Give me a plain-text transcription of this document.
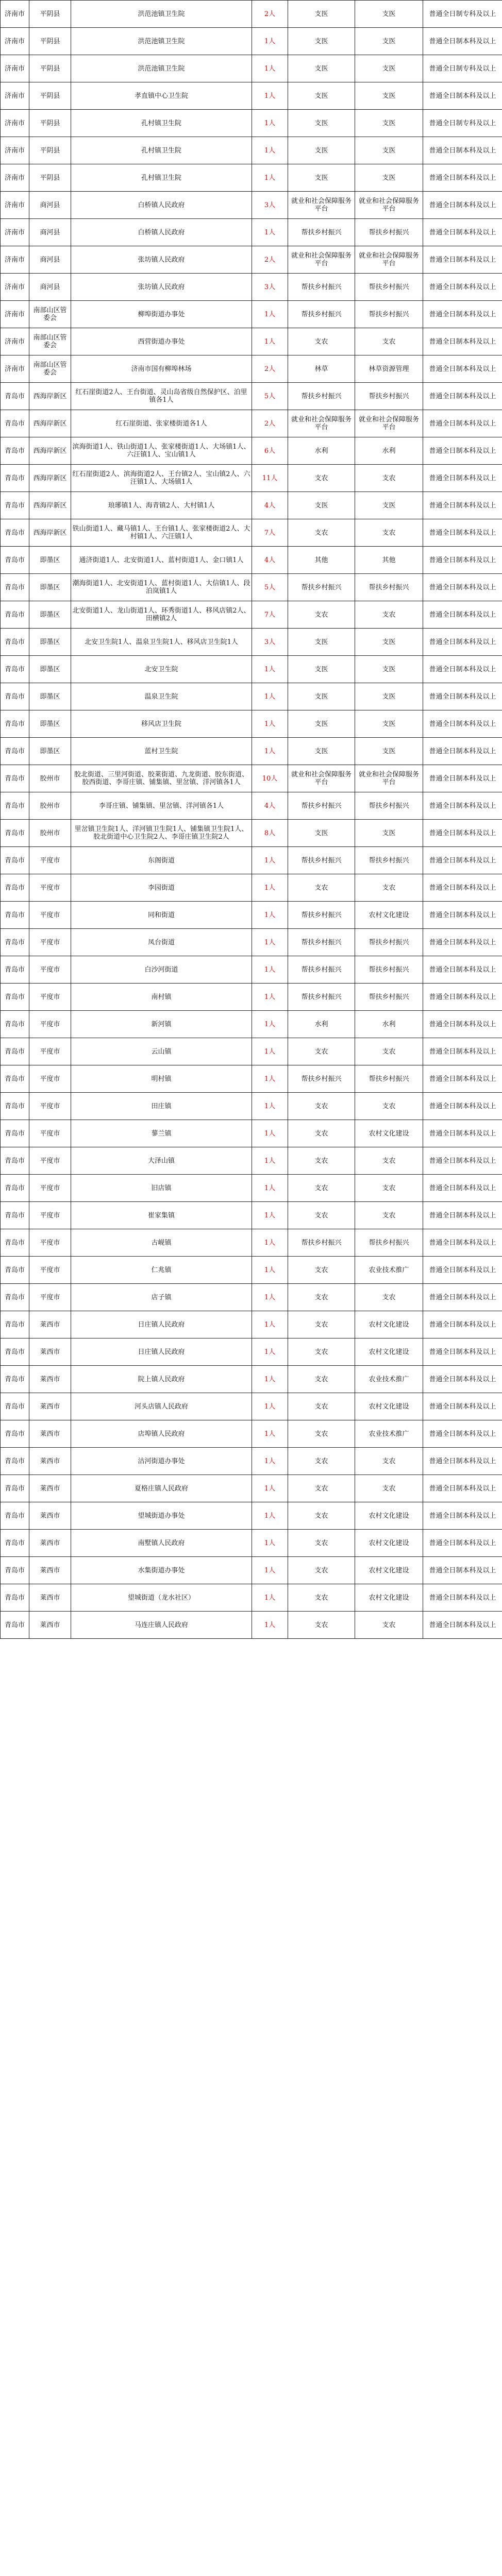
济南市	平阴县	洪范池镇卫生院	2人	支医	支医	普通全日制专科及以上
济南市	平阴县	洪范池镇卫生院	1人	支医	支医	普通全日制本科及以上
济南市	平阴县	洪范池镇卫生院	1人	支医	支医	普通全日制专科及以上
济南市	平阴县	孝直镇中心卫生院	1人	支医	支医	普通全日制本科及以上
济南市	平阴县	孔村镇卫生院	1人	支医	支医	普通全日制专科及以上
济南市	平阴县	孔村镇卫生院	1人	支医	支医	普通全日制本科及以上
济南市	平阴县	孔村镇卫生院	1人	支医	支医	普通全日制本科及以上
济南市	商河县	白桥镇人民政府	3人	就业和社会保障服务平台	就业和社会保障服务平台	普通全日制本科及以上
济南市	商河县	白桥镇人民政府	1人	帮扶乡村振兴	帮扶乡村振兴	普通全日制本科及以上
济南市	商河县	张坊镇人民政府	2人	就业和社会保障服务平台	就业和社会保障服务平台	普通全日制本科及以上
济南市	商河县	张坊镇人民政府	3人	帮扶乡村振兴	帮扶乡村振兴	普通全日制本科及以上
济南市	南部山区管委会	柳埠街道办事处	1人	帮扶乡村振兴	帮扶乡村振兴	普通全日制本科及以上
济南市	南部山区管委会	西营街道办事处	1人	支农	支农	普通全日制本科及以上
济南市	南部山区管委会	济南市国有柳埠林场	2人	林草	林草资源管理	普通全日制本科及以上
青岛市	西海岸新区	红石崖街道2人、王台街道、灵山岛省级自然保护区、泊里镇各1人	5人	帮扶乡村振兴	帮扶乡村振兴	普通全日制本科及以上
青岛市	西海岸新区	红石崖街道、张家楼街道各1人	2人	就业和社会保障服务平台	就业和社会保障服务平台	普通全日制本科及以上
青岛市	西海岸新区	滨海街道1人、铁山街道1人、张家楼街道1人、大场镇1人、六汪镇1人、宝山镇1人	6人	水利	水利	普通全日制本科及以上
青岛市	西海岸新区	红石崖街道2人、滨海街道2人、王台镇2人、宝山镇2人、六汪镇1人、大场镇1人	11人	支农	支农	普通全日制本科及以上
青岛市	西海岸新区	琅琊镇1人、海青镇2人、大村镇1人	4人	支医	支医	普通全日制本科及以上
青岛市	西海岸新区	铁山街道1人、藏马镇1人、王台镇1人、张家楼街道2人、大村镇1人、六汪镇1人	7人	支农	支农	普通全日制本科及以上
青岛市	即墨区	通济街道1人、北安街道1人、蓝村街道1人、金口镇1人	4人	其他	其他	普通全日制本科及以上
青岛市	即墨区	潮海街道1人、北安街道1人、蓝村街道1人、大信镇1人、段泊岚镇1人	5人	帮扶乡村振兴	帮扶乡村振兴	普通全日制本科及以上
青岛市	即墨区	北安街道1人、龙山街道1人、环秀街道1人、移风店镇2人、田横镇2人	7人	支农	支农	普通全日制本科及以上
青岛市	即墨区	北安卫生院1人、温泉卫生院1人、移风店卫生院1人	3人	支医	支医	普通全日制本科及以上
青岛市	即墨区	北安卫生院	1人	支医	支医	普通全日制本科及以上
青岛市	即墨区	温泉卫生院	1人	支医	支医	普通全日制本科及以上
青岛市	即墨区	移风店卫生院	1人	支医	支医	普通全日制本科及以上
青岛市	即墨区	蓝村卫生院	1人	支医	支医	普通全日制本科及以上
青岛市	胶州市	胶北街道、三里河街道、胶莱街道、九龙街道、胶东街道、胶西街道、李哥庄镇、铺集镇、里岔镇、洋河镇各1人	10人	就业和社会保障服务平台	就业和社会保障服务平台	普通全日制本科及以上
青岛市	胶州市	李哥庄镇、铺集镇、里岔镇、洋河镇各1人	4人	帮扶乡村振兴	帮扶乡村振兴	普通全日制本科及以上
青岛市	胶州市	里岔镇卫生院1人、洋河镇卫生院1人、铺集镇卫生院1人、胶北街道中心卫生院2人、李哥庄镇卫生院2人	8人	支医	支医	普通全日制本科及以上
青岛市	平度市	东阁街道	1人	帮扶乡村振兴	帮扶乡村振兴	普通全日制本科及以上
青岛市	平度市	李园街道	1人	支农	支农	普通全日制本科及以上
青岛市	平度市	同和街道	1人	帮扶乡村振兴	农村文化建设	普通全日制本科及以上
青岛市	平度市	凤台街道	1人	帮扶乡村振兴	帮扶乡村振兴	普通全日制本科及以上
青岛市	平度市	白沙河街道	1人	帮扶乡村振兴	帮扶乡村振兴	普通全日制本科及以上
青岛市	平度市	南村镇	1人	帮扶乡村振兴	帮扶乡村振兴	普通全日制本科及以上
青岛市	平度市	新河镇	1人	水利	水利	普通全日制本科及以上
青岛市	平度市	云山镇	1人	支农	支农	普通全日制本科及以上
青岛市	平度市	明村镇	1人	帮扶乡村振兴	帮扶乡村振兴	普通全日制本科及以上
青岛市	平度市	田庄镇	1人	支农	支农	普通全日制本科及以上
青岛市	平度市	蓼兰镇	1人	支农	农村文化建设	普通全日制本科及以上
青岛市	平度市	大泽山镇	1人	支农	支农	普通全日制本科及以上
青岛市	平度市	旧店镇	1人	支农	支农	普通全日制本科及以上
青岛市	平度市	崔家集镇	1人	支农	支农	普通全日制本科及以上
青岛市	平度市	古岘镇	1人	帮扶乡村振兴	帮扶乡村振兴	普通全日制本科及以上
青岛市	平度市	仁兆镇	1人	支农	农业技术推广	普通全日制本科及以上
青岛市	平度市	店子镇	1人	支农	支农	普通全日制本科及以上
青岛市	莱西市	日庄镇人民政府	1人	支农	农村文化建设	普通全日制本科及以上
青岛市	莱西市	日庄镇人民政府	1人	支农	农村文化建设	普通全日制本科及以上
青岛市	莱西市	院上镇人民政府	1人	支农	农业技术推广	普通全日制本科及以上
青岛市	莱西市	河头店镇人民政府	1人	支农	农村文化建设	普通全日制本科及以上
青岛市	莱西市	店埠镇人民政府	1人	支农	农业技术推广	普通全日制本科及以上
青岛市	莱西市	沽河街道办事处	1人	支农	支农	普通全日制本科及以上
青岛市	莱西市	夏格庄镇人民政府	1人	支农	支农	普通全日制本科及以上
青岛市	莱西市	望城街道办事处	1人	支农	农村文化建设	普通全日制本科及以上
青岛市	莱西市	南墅镇人民政府	1人	支农	农村文化建设	普通全日制本科及以上
青岛市	莱西市	水集街道办事处	1人	支农	农村文化建设	普通全日制本科及以上
青岛市	莱西市	望城街道（龙水社区）	1人	支农	农村文化建设	普通全日制本科及以上
青岛市	莱西市	马连庄镇人民政府	1人	支农	支农	普通全日制本科及以上
